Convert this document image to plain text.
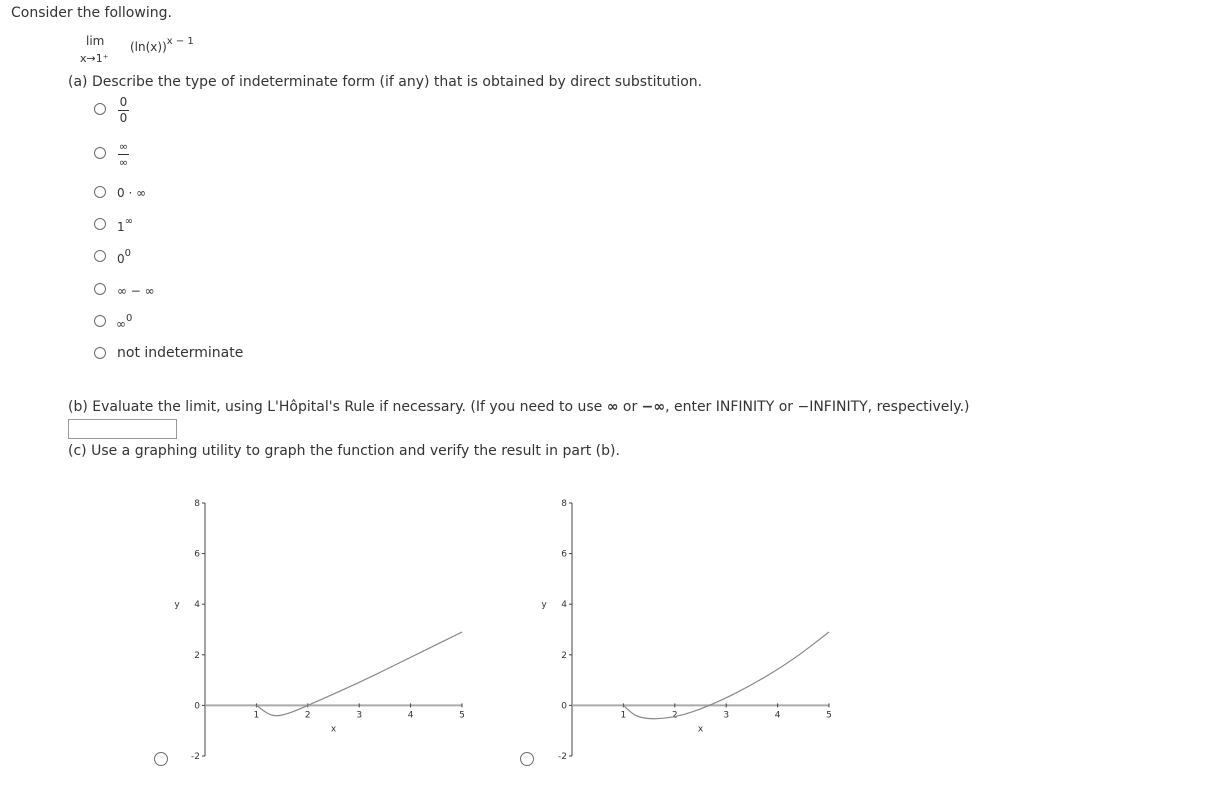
Consider the following.
lim
x→1⁺
$(\ln(x))^{x - 1}$
(a) Describe the type of indeterminate form (if any) that is obtained by direct substitution.
0
0
∞
∞
0 · ∞
1∞
$0^0$
∞ − ∞
∞$^0$
not indeterminate
(b) Evaluate the limit, using L'Hôpital's Rule if necessary. (If you need to use ∞ or −∞, enter INFINITY or −INFINITY, respectively.)
(c) Use a graphing utility to graph the function and verify the result in part (b).
-2
0
2
4
6
8
1	2	3	4	5
x
y
-2
0
2
4
6
8
1	2	3	4	5
x
y
